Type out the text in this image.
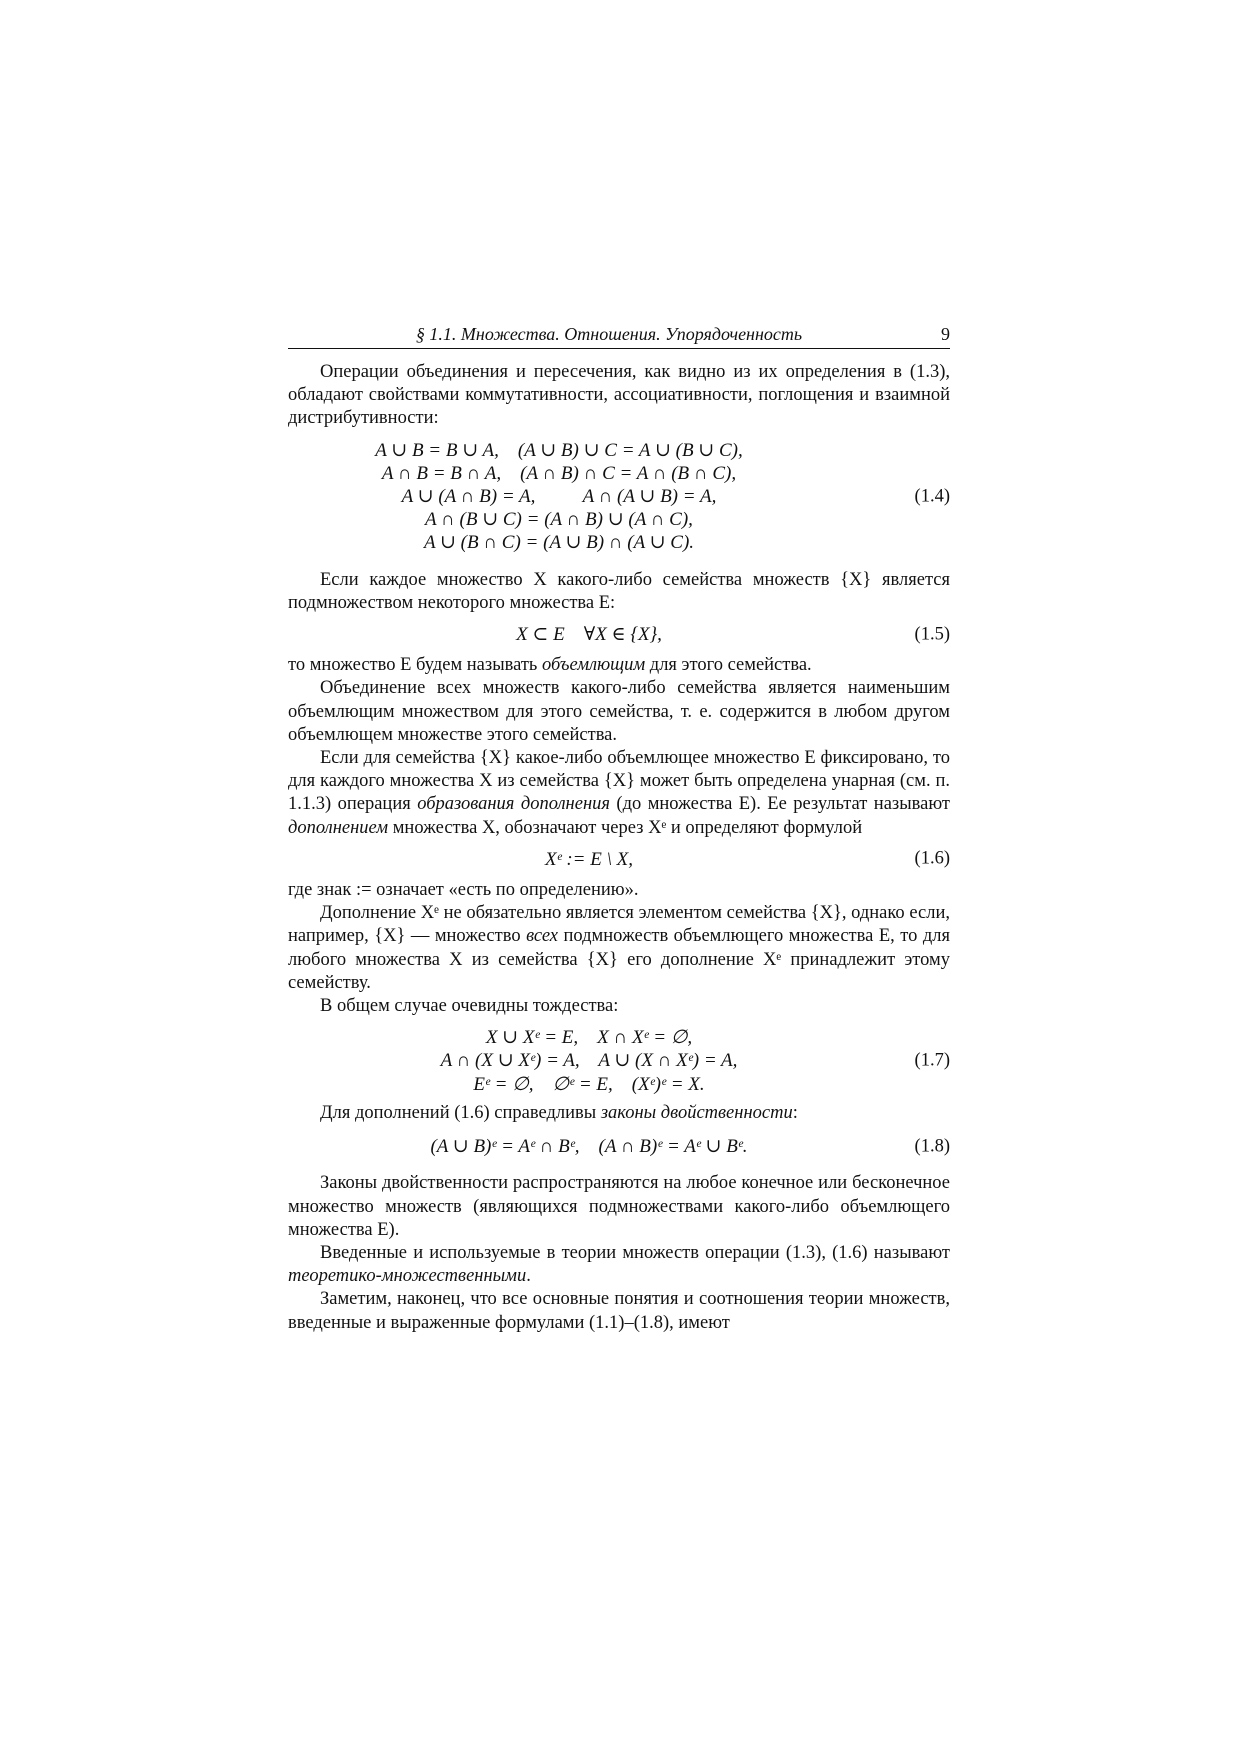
§ 1.1. Множества. Отношения. Упорядоченность	9

Операции объединения и пересечения, как видно из их определения в (1.3), обладают свойствами коммутативности, ассоциативности, поглощения и взаимной дистрибутивности:

A ∪ B = B ∪ A,    (A ∪ B) ∪ C = A ∪ (B ∪ C),
A ∩ B = B ∩ A,    (A ∩ B) ∩ C = A ∩ (B ∩ C),
A ∪ (A ∩ B) = A,          A ∩ (A ∪ B) = A,
A ∩ (B ∪ C) = (A ∩ B) ∪ (A ∩ C),
A ∪ (B ∩ C) = (A ∪ B) ∩ (A ∪ C).
(1.4)

Если каждое множество X какого-либо семейства множеств {X} является подмножеством некоторого множества E:

X ⊂ E    ∀X ∈ {X},	(1.5)

то множество E будем называть объемлющим для этого семейства.

Объединение всех множеств какого-либо семейства является наименьшим объемлющим множеством для этого семейства, т. е. содержится в любом другом объемлющем множестве этого семейства.

Если для семейства {X} какое-либо объемлющее множество E фиксировано, то для каждого множества X из семейства {X} может быть определена унарная (см. п. 1.1.3) операция образования дополнения (до множества E). Ее результат называют дополнением множества X, обозначают через Xᵉ и определяют формулой

Xᵉ := E \ X,	(1.6)

где знак := означает «есть по определению».

Дополнение Xᵉ не обязательно является элементом семейства {X}, однако если, например, {X} — множество всех подмножеств объемлющего множества E, то для любого множества X из семейства {X} его дополнение Xᵉ принадлежит этому семейству.

В общем случае очевидны тождества:

X ∪ Xᵉ = E,    X ∩ Xᵉ = ∅,
A ∩ (X ∪ Xᵉ) = A,    A ∪ (X ∩ Xᵉ) = A,
Eᵉ = ∅,    ∅ᵉ = E,    (Xᵉ)ᵉ = X.
(1.7)

Для дополнений (1.6) справедливы законы двойственности:

(A ∪ B)ᵉ = Aᵉ ∩ Bᵉ,    (A ∩ B)ᵉ = Aᵉ ∪ Bᵉ.	(1.8)

Законы двойственности распространяются на любое конечное или бесконечное множество множеств (являющихся подмножествами какого-либо объемлющего множества E).

Введенные и используемые в теории множеств операции (1.3), (1.6) называют теоретико-множественными.

Заметим, наконец, что все основные понятия и соотношения теории множеств, введенные и выраженные формулами (1.1)–(1.8), имеют
